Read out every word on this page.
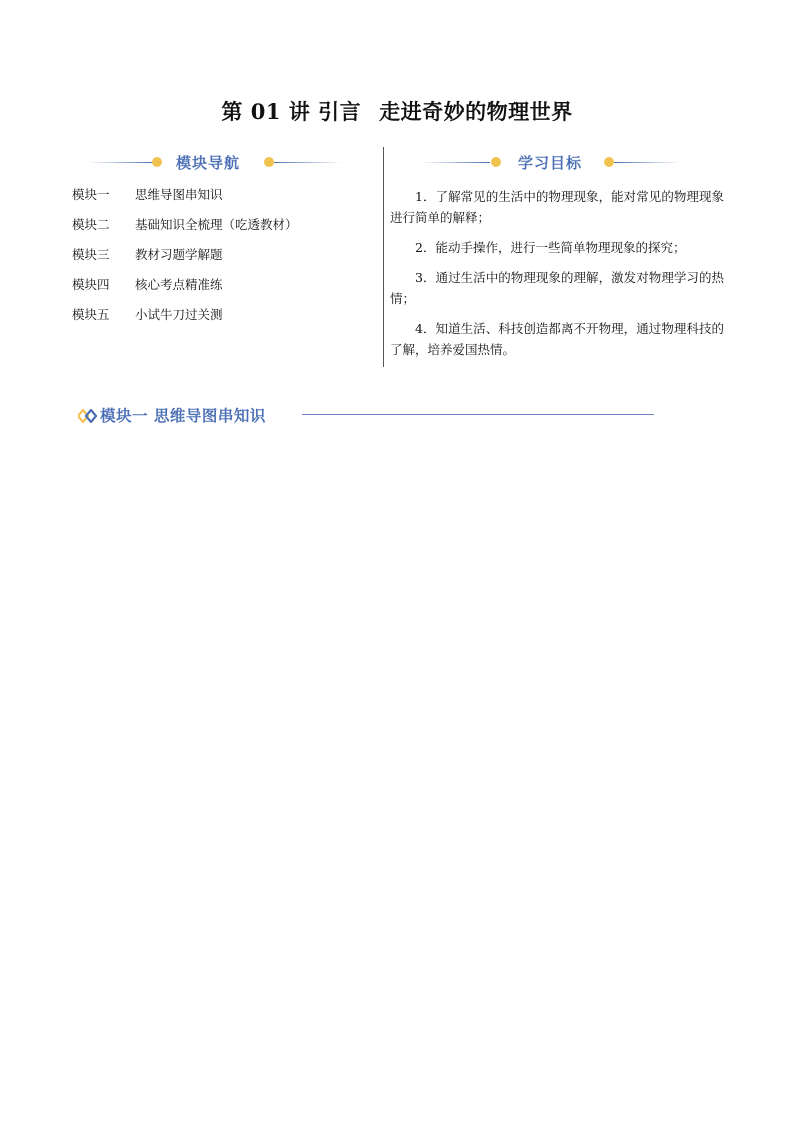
第 01 讲 引言 走进奇妙的物理世界
模块导航
模块一	思维导图串知识
模块二	基础知识全梳理（吃透教材）
模块三	教材习题学解题
模块四	核心考点精准练
模块五	小试牛刀过关测
学习目标

1．了解常见的生活中的物理现象，能对常见的物理现象进行简单的解释；

2．能动手操作，进行一些简单物理现象的探究；

3．通过生活中的物理现象的理解，激发对物理学习的热情；

4．知道生活、科技创造都离不开物理，通过物理科技的了解，培养爱国热情。

模块一 思维导图串知识
